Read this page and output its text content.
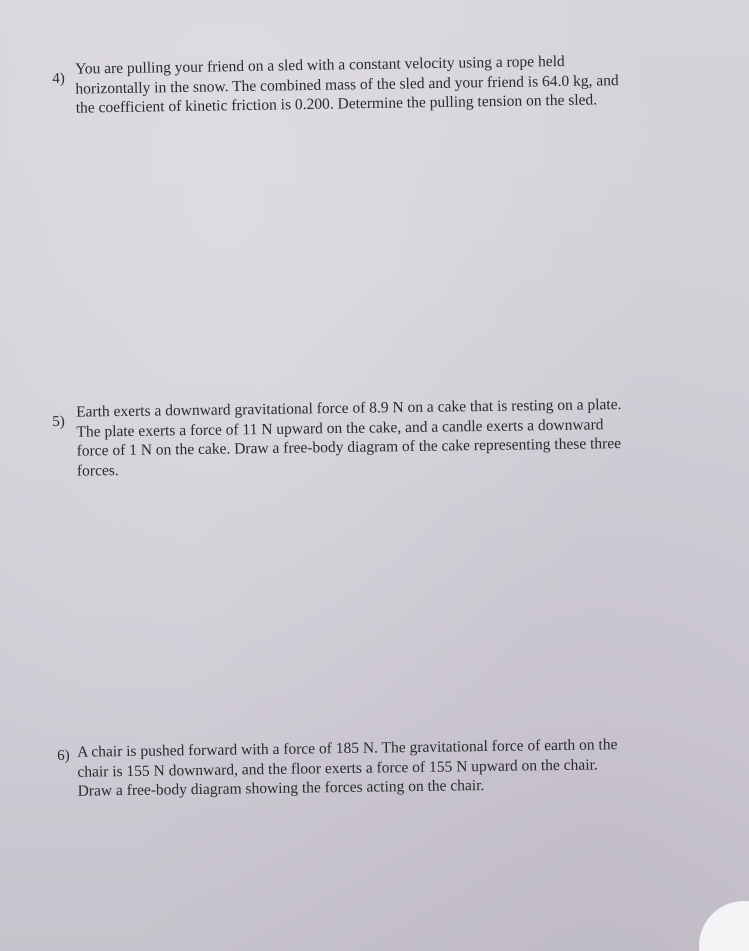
4)
You are pulling your friend on a sled with a constant velocity using a rope held
horizontally in the snow. The combined mass of the sled and your friend is 64.0 kg, and
the coefficient of kinetic friction is 0.200. Determine the pulling tension on the sled.
5)
Earth exerts a downward gravitational force of 8.9 N on a cake that is resting on a plate.
The plate exerts a force of 11 N upward on the cake, and a candle exerts a downward
force of 1 N on the cake. Draw a free-body diagram of the cake representing these three
forces.
6) A chair is pushed forward with a force of 185 N. The gravitational force of earth on the
chair is 155 N downward, and the floor exerts a force of 155 N upward on the chair.
Draw a free-body diagram showing the forces acting on the chair.
